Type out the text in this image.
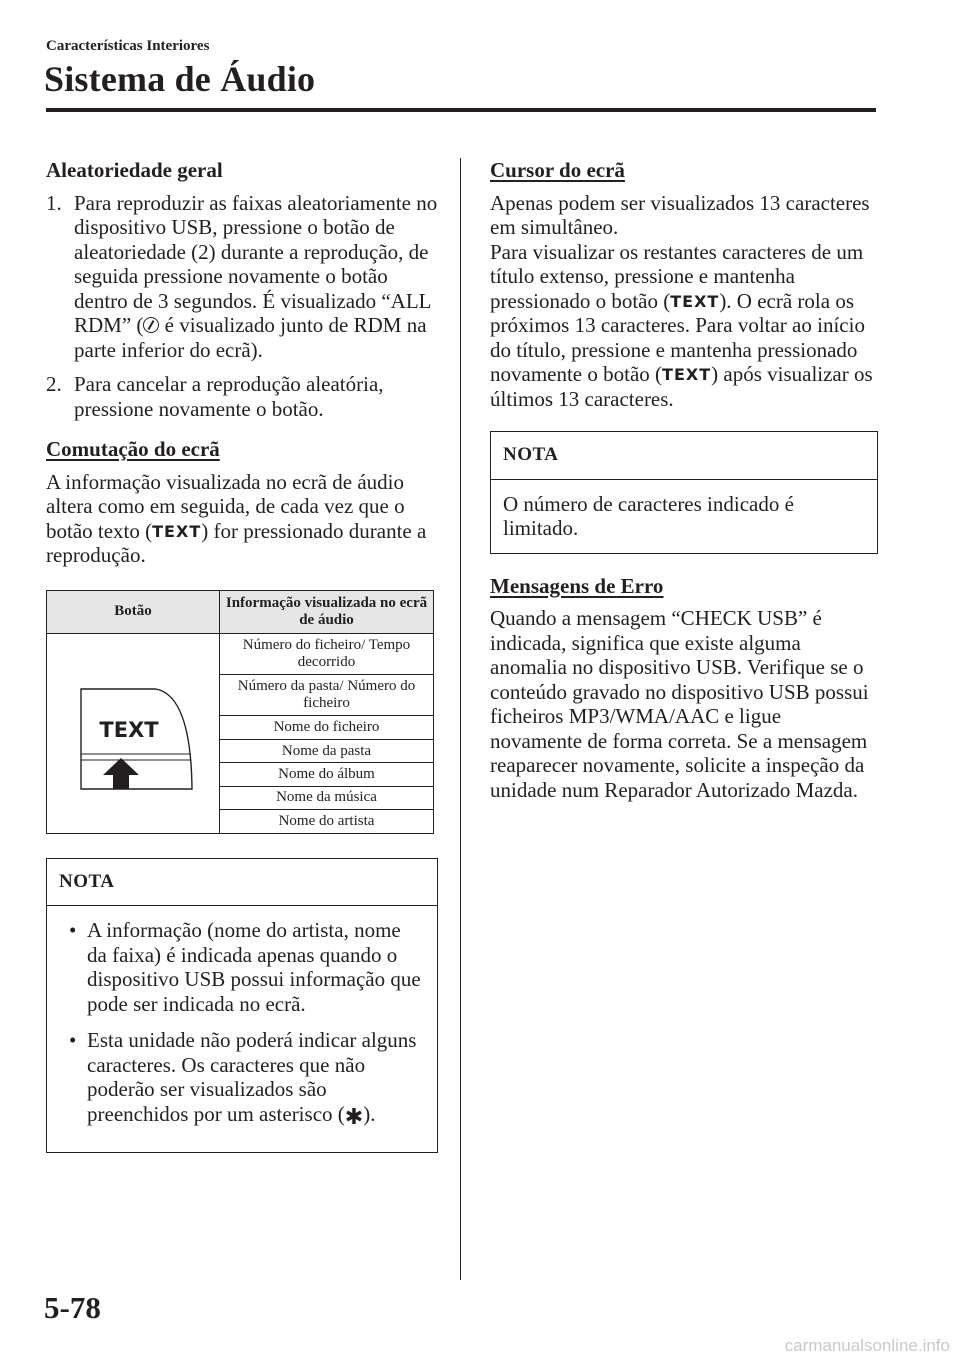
Características Interiores
Sistema de Áudio
Aleatoriedade geral
1. Para reproduzir as faixas aleatoriamente no dispositivo USB, pressione o botão de aleatoriedade (2) durante a reprodução, de seguida pressione novamente o botão dentro de 3 segundos. É visualizado “ALL RDM” ( é visualizado junto de RDM na parte inferior do ecrã).
2. Para cancelar a reprodução aleatória, pressione novamente o botão.
Comutação do ecrã

A informação visualizada no ecrã de áudio altera como em seguida, de cada vez que o botão texto (TEXT) for pressionado durante a reprodução.

Botão	Informação visualizada no ecrã de áudio

TEXT	Número do ficheiro/ Tempo decorrido
	Número da pasta/ Número do ficheiro
	Nome do ficheiro
	Nome da pasta
	Nome do álbum
	Nome da música
	Nome do artista
NOTA
• A informação (nome do artista, nome da faixa) é indicada apenas quando o dispositivo USB possui informação que pode ser indicada no ecrã.
• Esta unidade não poderá indicar alguns caracteres. Os caracteres que não poderão ser visualizados são preenchidos por um asterisco (✱).
Cursor do ecrã

Apenas podem ser visualizados 13 caracteres em simultâneo.

Para visualizar os restantes caracteres de um título extenso, pressione e mantenha pressionado o botão (TEXT). O ecrã rola os próximos 13 caracteres. Para voltar ao início do título, pressione e mantenha pressionado novamente o botão (TEXT) após visualizar os últimos 13 caracteres.

NOTA
O número de caracteres indicado é limitado.
Mensagens de Erro

Quando a mensagem “CHECK USB” é indicada, significa que existe alguma anomalia no dispositivo USB. Verifique se o conteúdo gravado no dispositivo USB possui ficheiros MP3/WMA/AAC e ligue novamente de forma correta. Se a mensagem reaparecer novamente, solicite a inspeção da unidade num Reparador Autorizado Mazda.

5-78
carmanualsonline.info
